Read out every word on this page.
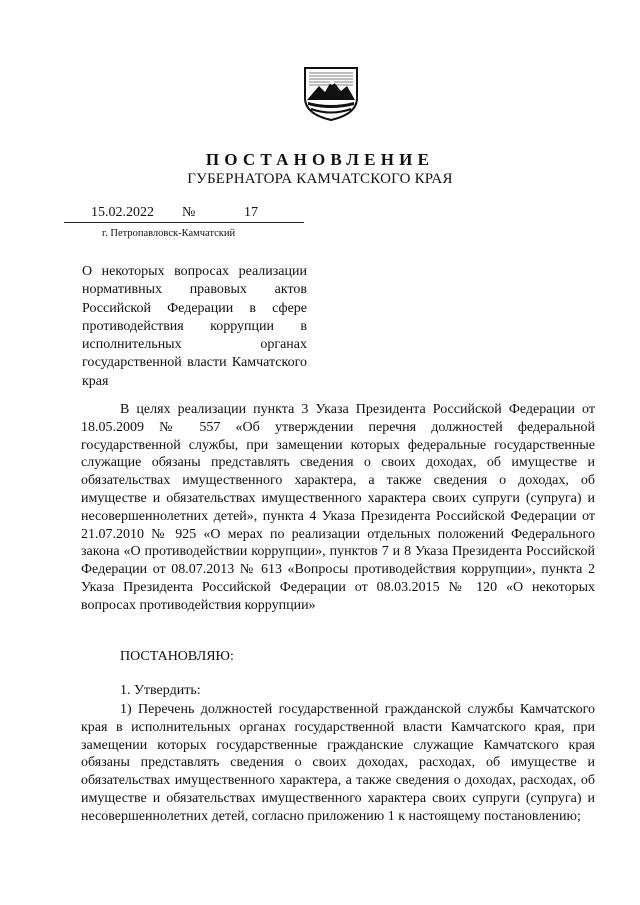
ПОСТАНОВЛЕНИЕ
ГУБЕРНАТОРА КАМЧАТСКОГО КРАЯ
15.02.2022 №	17
г. Петропавловск-Камчатский
О некоторых вопросах реализации нормативных правовых актов Российской Федерации в сфере противодействия коррупции в исполнительных органах государственной власти Камчатского края
В целях реализации пункта 3 Указа Президента Российской Федерации от 18.05.2009 № 557 «Об утверждении перечня должностей федеральной государственной службы, при замещении которых федеральные государственные служащие обязаны представлять сведения о своих доходах, об имуществе и обязательствах имущественного характера, а также сведения о доходах, об имуществе и обязательствах имущественного характера своих супруги (супруга) и несовершеннолетних детей», пункта 4 Указа Президента Российской Федерации от 21.07.2010 № 925 «О мерах по реализации отдельных положений Федерального закона «О противодействии коррупции», пунктов 7 и 8 Указа Президента Российской Федерации от 08.07.2013 № 613 «Вопросы противодействия коррупции», пункта 2 Указа Президента Российской Федерации от 08.03.2015 № 120 «О некоторых вопросах противодействия коррупции»
ПОСТАНОВЛЯЮ:
1. Утвердить:
1) Перечень должностей государственной гражданской службы Камчатского края в исполнительных органах государственной власти Камчатского края, при замещении которых государственные гражданские служащие Камчатского края обязаны представлять сведения о своих доходах, расходах, об имуществе и обязательствах имущественного характера, а также сведения о доходах, расходах, об имуществе и обязательствах имущественного характера своих супруги (супруга) и несовершеннолетних детей, согласно приложению 1 к настоящему постановлению;
